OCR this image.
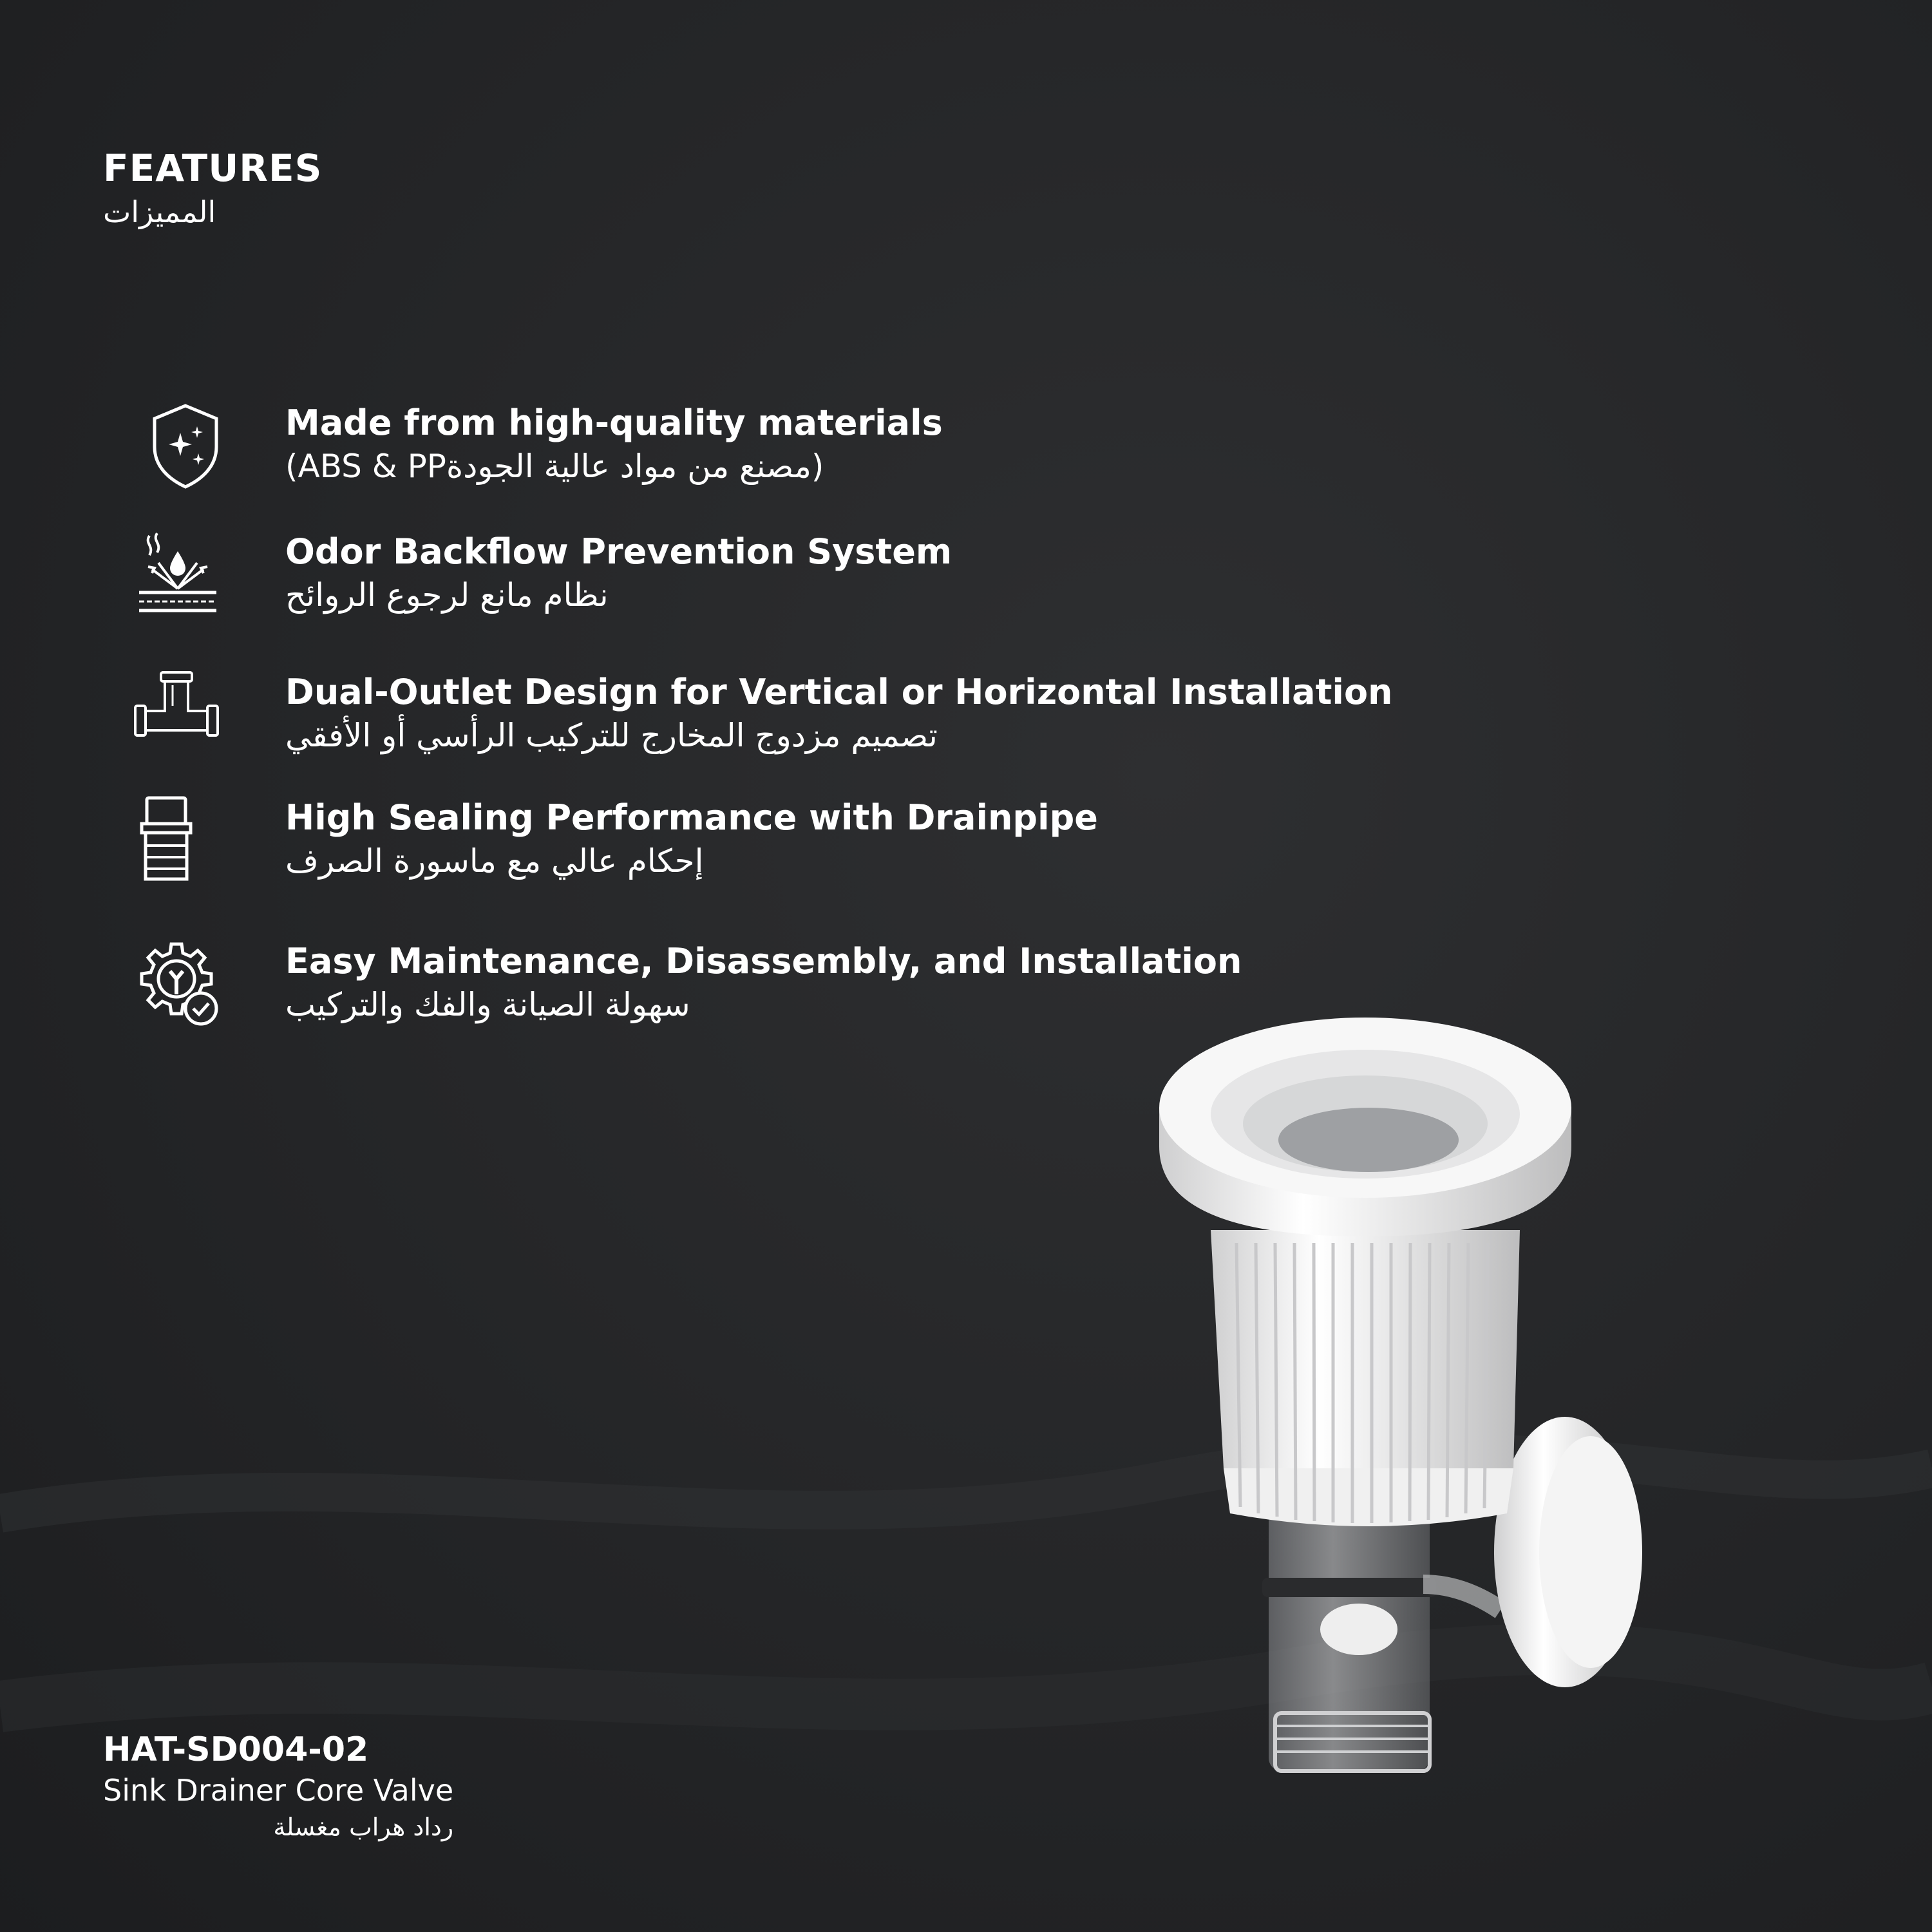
FEATURES
المميزات
Made from high-quality materials
(ABS & PPمصنع من مواد عالية الجودة)
Odor Backflow Prevention System
نظام مانع لرجوع الروائح
Dual-Outlet Design for Vertical or Horizontal Installation
تصميم مزدوج المخارج للتركيب الرأسي أو الأفقي
High Sealing Performance with Drainpipe
إحكام عالي مع ماسورة الصرف
Easy Maintenance, Disassembly, and Installation
سهولة الصيانة والفك والتركيب
HAT-SD004-02
Sink Drainer Core Valve
رداد هراب مغسلة
